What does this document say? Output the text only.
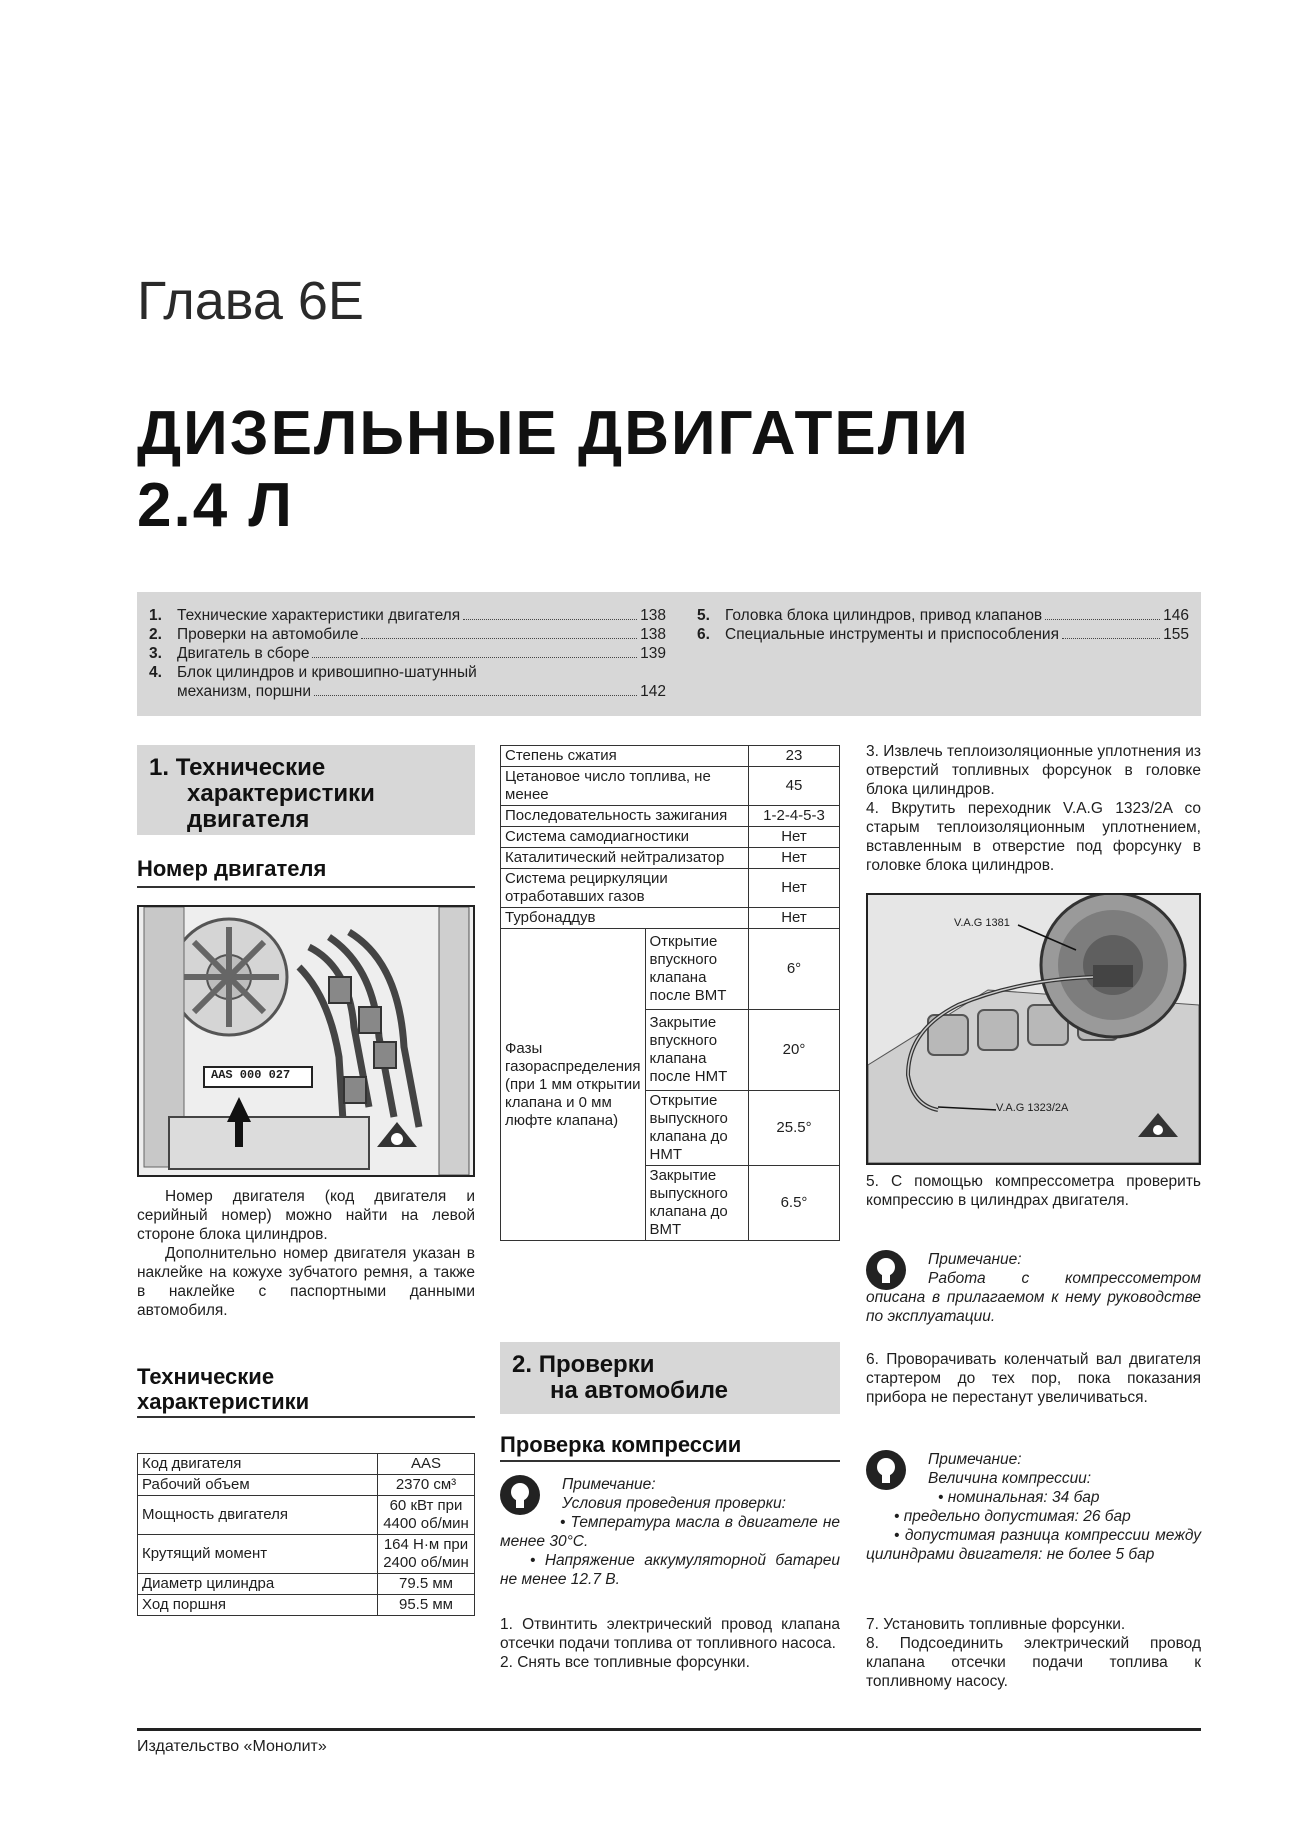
Глава 6Е
ДИЗЕЛЬНЫЕ ДВИГАТЕЛИ
2.4 Л
1. Технические характеристики двигателя	138
2. Проверки на автомобиле	138
3. Двигатель в сборе	139
4. Блок цилиндров и кривошипно-шатунный
механизм, поршни	142
5. Головка блока цилиндров, привод клапанов	146
6. Специальные инструменты и приспособления	155
1. Технические
характеристики
двигателя
Номер двигателя
AAS 000 027

Номер двигателя (код двигателя и серийный номер) можно найти на левой стороне блока цилиндров.

Дополнительно номер двигателя указан в наклейке на кожухе зубчатого ремня, а также в наклейке с паспортными данными автомобиля.

Технические
характеристики
Код двигателя	AAS
Рабочий объем	2370 см³
Мощность двигателя	60 кВт при 4400 об/мин
Крутящий момент	164 Н·м при 2400 об/мин
Диаметр цилиндра	79.5 мм
Ход поршня	95.5 мм
Степень сжатия		23
Цетановое число топлива, не менее		45
Последовательность зажигания		1-2-4-5-3
Система самодиагностики		Нет
Каталитический нейтрализатор		Нет
Система рециркуляции отработавших газов		Нет
Турбонаддув		Нет
Фазы газораспределения (при 1 мм открытии клапана и 0 мм люфте клапана)	Открытие впускного клапана после ВМТ	6°
	Закрытие впускного клапана после НМТ	20°
	Открытие выпускного клапана до НМТ	25.5°
	Закрытие выпускного клапана до ВМТ	6.5°
2. Проверки
на автомобиле
Проверка компрессии
Примечание:
Условия проведения проверки:
• Температура масла в двигателе не менее 30°С.
• Напряжение аккумуляторной батареи не менее 12.7 В.
1. Отвинтить электрический провод клапана отсечки подачи топлива от топливного насоса.
2. Снять все топливные форсунки.
3. Извлечь теплоизоляционные уплотнения из отверстий топливных форсунок в головке блока цилиндров.
4. Вкрутить переходник V.A.G 1323/2A со старым теплоизоляционным уплотнением, вставленным в отверстие под форсунку в головке блока цилиндров.
V.A.G 1381
V.A.G 1323/2A
5. С помощью компрессометра проверить компрессию в цилиндрах двигателя.
Примечание:
Работа с компрессометром описана в прилагаемом к нему руководстве по эксплуатации.
6. Проворачивать коленчатый вал двигателя стартером до тех пор, пока показания прибора не перестанут увеличиваться.
Примечание:
Величина компрессии:
• номинальная: 34 бар
• предельно допустимая: 26 бар
• допустимая разница компрессии между цилиндрами двигателя: не более 5 бар
7. Установить топливные форсунки.
8. Подсоединить электрический провод клапана отсечки подачи топлива к топливному насосу.
Издательство «Монолит»
